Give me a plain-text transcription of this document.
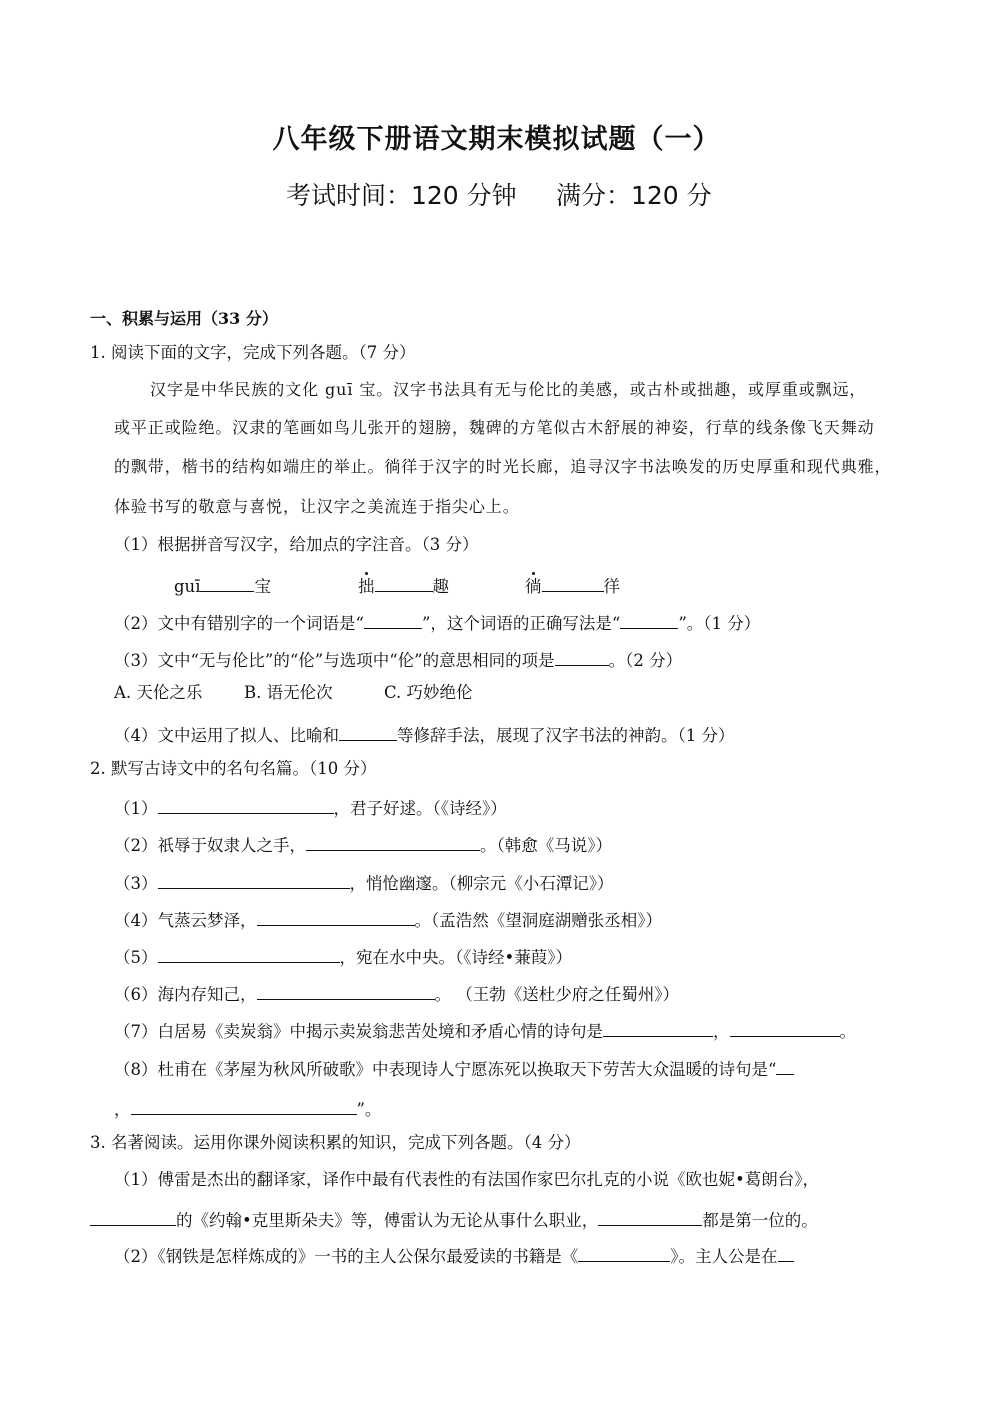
八年级下册语文期末模拟试题（一）
考试时间：120 分钟 满分：120 分
一、积累与运用（33 分）
1. 阅读下面的文字，完成下列各题。（7 分）
汉字是中华民族的文化 guī 宝。汉字书法具有无与伦比的美感，或古朴或拙趣，或厚重或飘远，
或平正或险绝。汉隶的笔画如鸟儿张开的翅膀，魏碑的方笔似古木舒展的神姿，行草的线条像飞天舞动
的飘带，楷书的结构如端庄的举止。徜徉于汉字的时光长廊，追寻汉字书法唤发的历史厚重和现代典雅，
体验书写的敬意与喜悦，让汉字之美流连于指尖心上。
（1）根据拼音写汉字，给加点的字注音。（3 分）
guī	宝	拙	趣	徜	徉
（2）文中有错别字的一个词语是“	”，这个词语的正确写法是“	”。（1 分）
（3）文中“无与伦比”的“伦”与选项中“伦”的意思相同的项是	。（2 分）
A. 天伦之乐	B. 语无伦次	C. 巧妙绝伦
（4）文中运用了拟人、比喻和	等修辞手法，展现了汉字书法的神韵。（1 分）
2. 默写古诗文中的名句名篇。（10 分）
（1）	，君子好逑。（《诗经》）
（2）祇辱于奴隶人之手，	。（韩愈《马说》）
（3）	，悄怆幽邃。（柳宗元《小石潭记》）
（4）气蒸云梦泽，	。（孟浩然《望洞庭湖赠张丞相》）
（5）	，宛在水中央。（《诗经•蒹葭》）
（6）海内存知己，	。 （王勃《送杜少府之任蜀州》）
（7）白居易《卖炭翁》中揭示卖炭翁悲苦处境和矛盾心情的诗句是	，	。
（8）杜甫在《茅屋为秋风所破歌》中表现诗人宁愿冻死以换取天下劳苦大众温暖的诗句是“
，	”。
3. 名著阅读。运用你课外阅读积累的知识，完成下列各题。（4 分）
（1）傅雷是杰出的翻译家，译作中最有代表性的有法国作家巴尔扎克的小说《欧也妮•葛朗台》，
的《约翰•克里斯朵夫》等，傅雷认为无论从事什么职业，	都是第一位的。
（2）《钢铁是怎样炼成的》一书的主人公保尔最爱读的书籍是《	》。主人公是在
